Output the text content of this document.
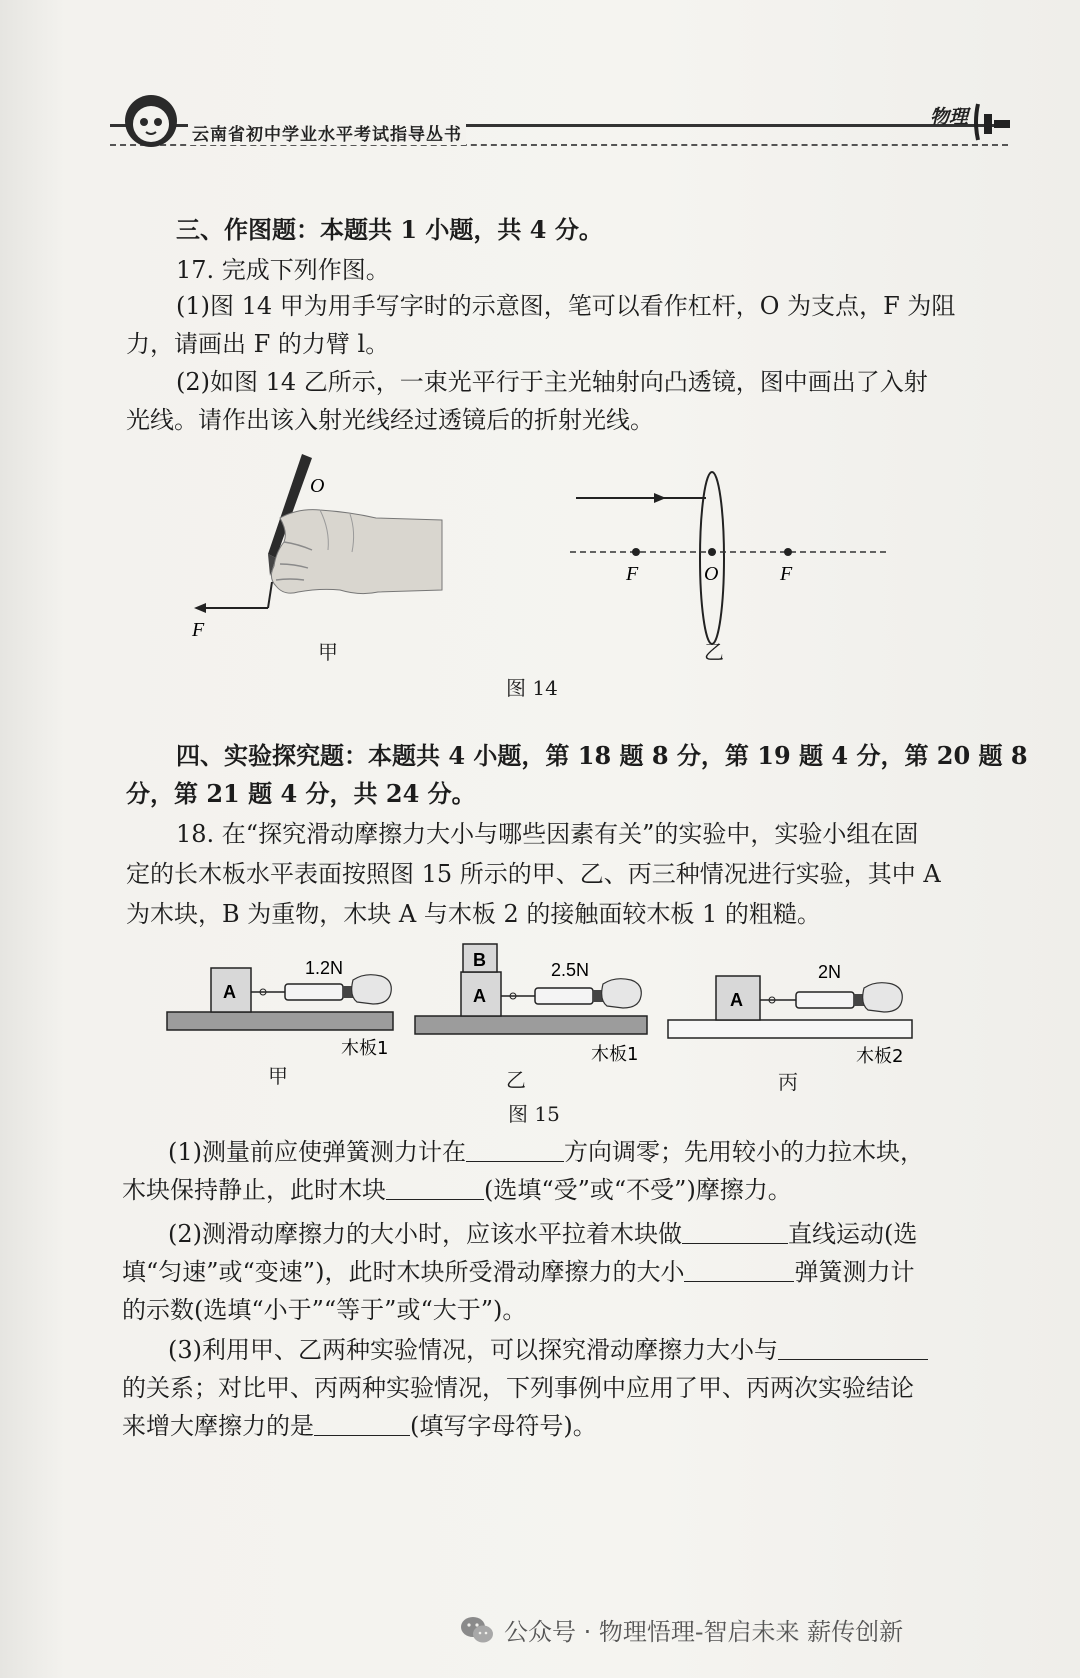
云南省初中学业水平考试指导丛书
物理
三、作图题：本题共 1 小题，共 4 分。
17. 完成下列作图。
(1)图 14 甲为用手写字时的示意图，笔可以看作杠杆，O 为支点，F 为阻
力，请画出 F 的力臂 l。
(2)如图 14 乙所示，一束光平行于主光轴射向凸透镜，图中画出了入射
光线。请作出该入射光线经过透镜后的折射光线。
O
F
甲
F	O	F
乙
图 14
四、实验探究题：本题共 4 小题，第 18 题 8 分，第 19 题 4 分，第 20 题 8
分，第 21 题 4 分，共 24 分。
18. 在“探究滑动摩擦力大小与哪些因素有关”的实验中，实验小组在固
定的长木板水平表面按照图 15 所示的甲、乙、丙三种情况进行实验，其中 A
为木块，B 为重物，木块 A 与木板 2 的接触面较木板 1 的粗糙。
A
1.2N
木板1
甲
A
B	2.5N
木板1
乙
A
2N
木板2
丙
图 15
(1)测量前应使弹簧测力计在	方向调零；先用较小的力拉木块，
木块保持静止，此时木块	(选填“受”或“不受”)摩擦力。
(2)测滑动摩擦力的大小时，应该水平拉着木块做	直线运动(选
填“匀速”或“变速”)，此时木块所受滑动摩擦力的大小	弹簧测力计
的示数(选填“小于”“等于”或“大于”)。
(3)利用甲、乙两种实验情况，可以探究滑动摩擦力大小与
的关系；对比甲、丙两种实验情况，下列事例中应用了甲、丙两次实验结论
来增大摩擦力的是	(填写字母符号)。
公众号 · 物理悟理-智启未来 薪传创新
